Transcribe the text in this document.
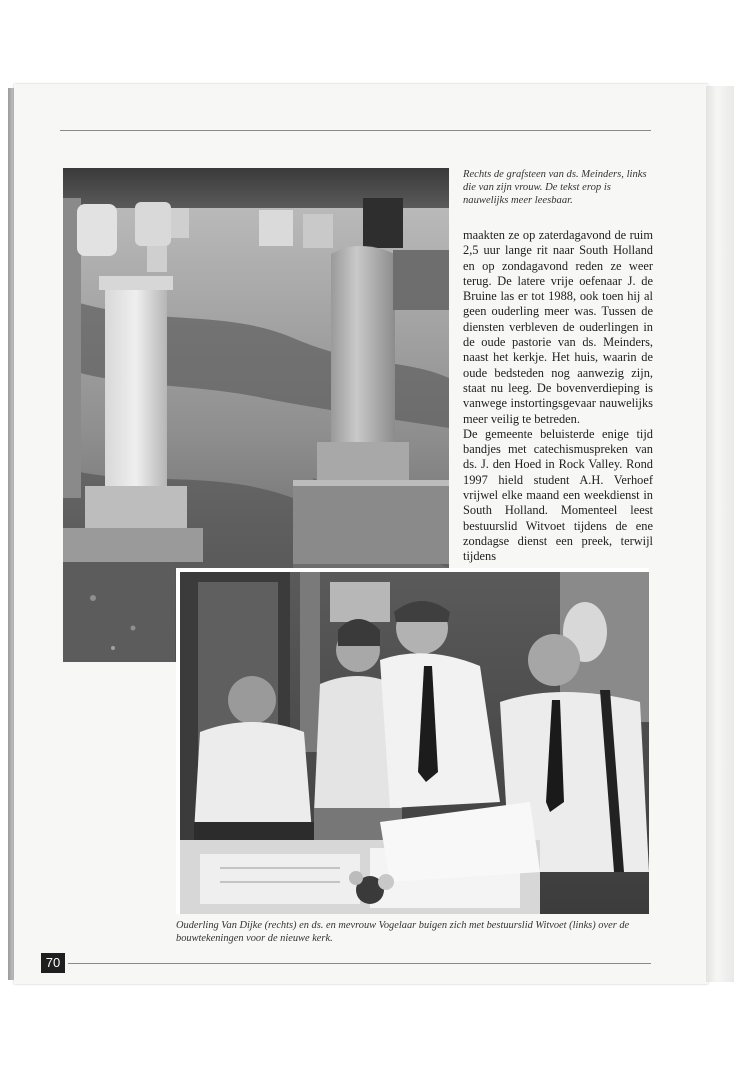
Rechts de grafsteen van ds. Meinders, links die van zijn vrouw. De tekst erop is nauwelijks meer leesbaar.

maakten ze op zaterdagavond de ruim 2,5 uur lange rit naar South Holland en op zondagavond reden ze weer terug. De latere vrije oefenaar J. de Bruine las er tot 1988, ook toen hij al geen ouderling meer was. Tussen de diensten verbleven de ouderlingen in de oude pastorie van ds. Meinders, naast het kerkje. Het huis, waarin de oude bedsteden nog aanwezig zijn, staat nu leeg. De bovenverdieping is vanwege instortingsgevaar nauwelijks meer veilig te betreden.

De gemeente beluisterde enige tijd bandjes met catechismuspreken van ds. J. den Hoed in Rock Valley. Rond 1997 hield student A.H. Verhoef vrijwel elke maand een weekdienst in South Holland. Momenteel leest bestuurslid Witvoet tijdens de ene zondagse dienst een preek, terwijl tijdens

Ouderling Van Dijke (rechts) en ds. en mevrouw Vogelaar buigen zich met bestuurslid Witvoet (links) over de bouwtekeningen voor de nieuwe kerk.

70
